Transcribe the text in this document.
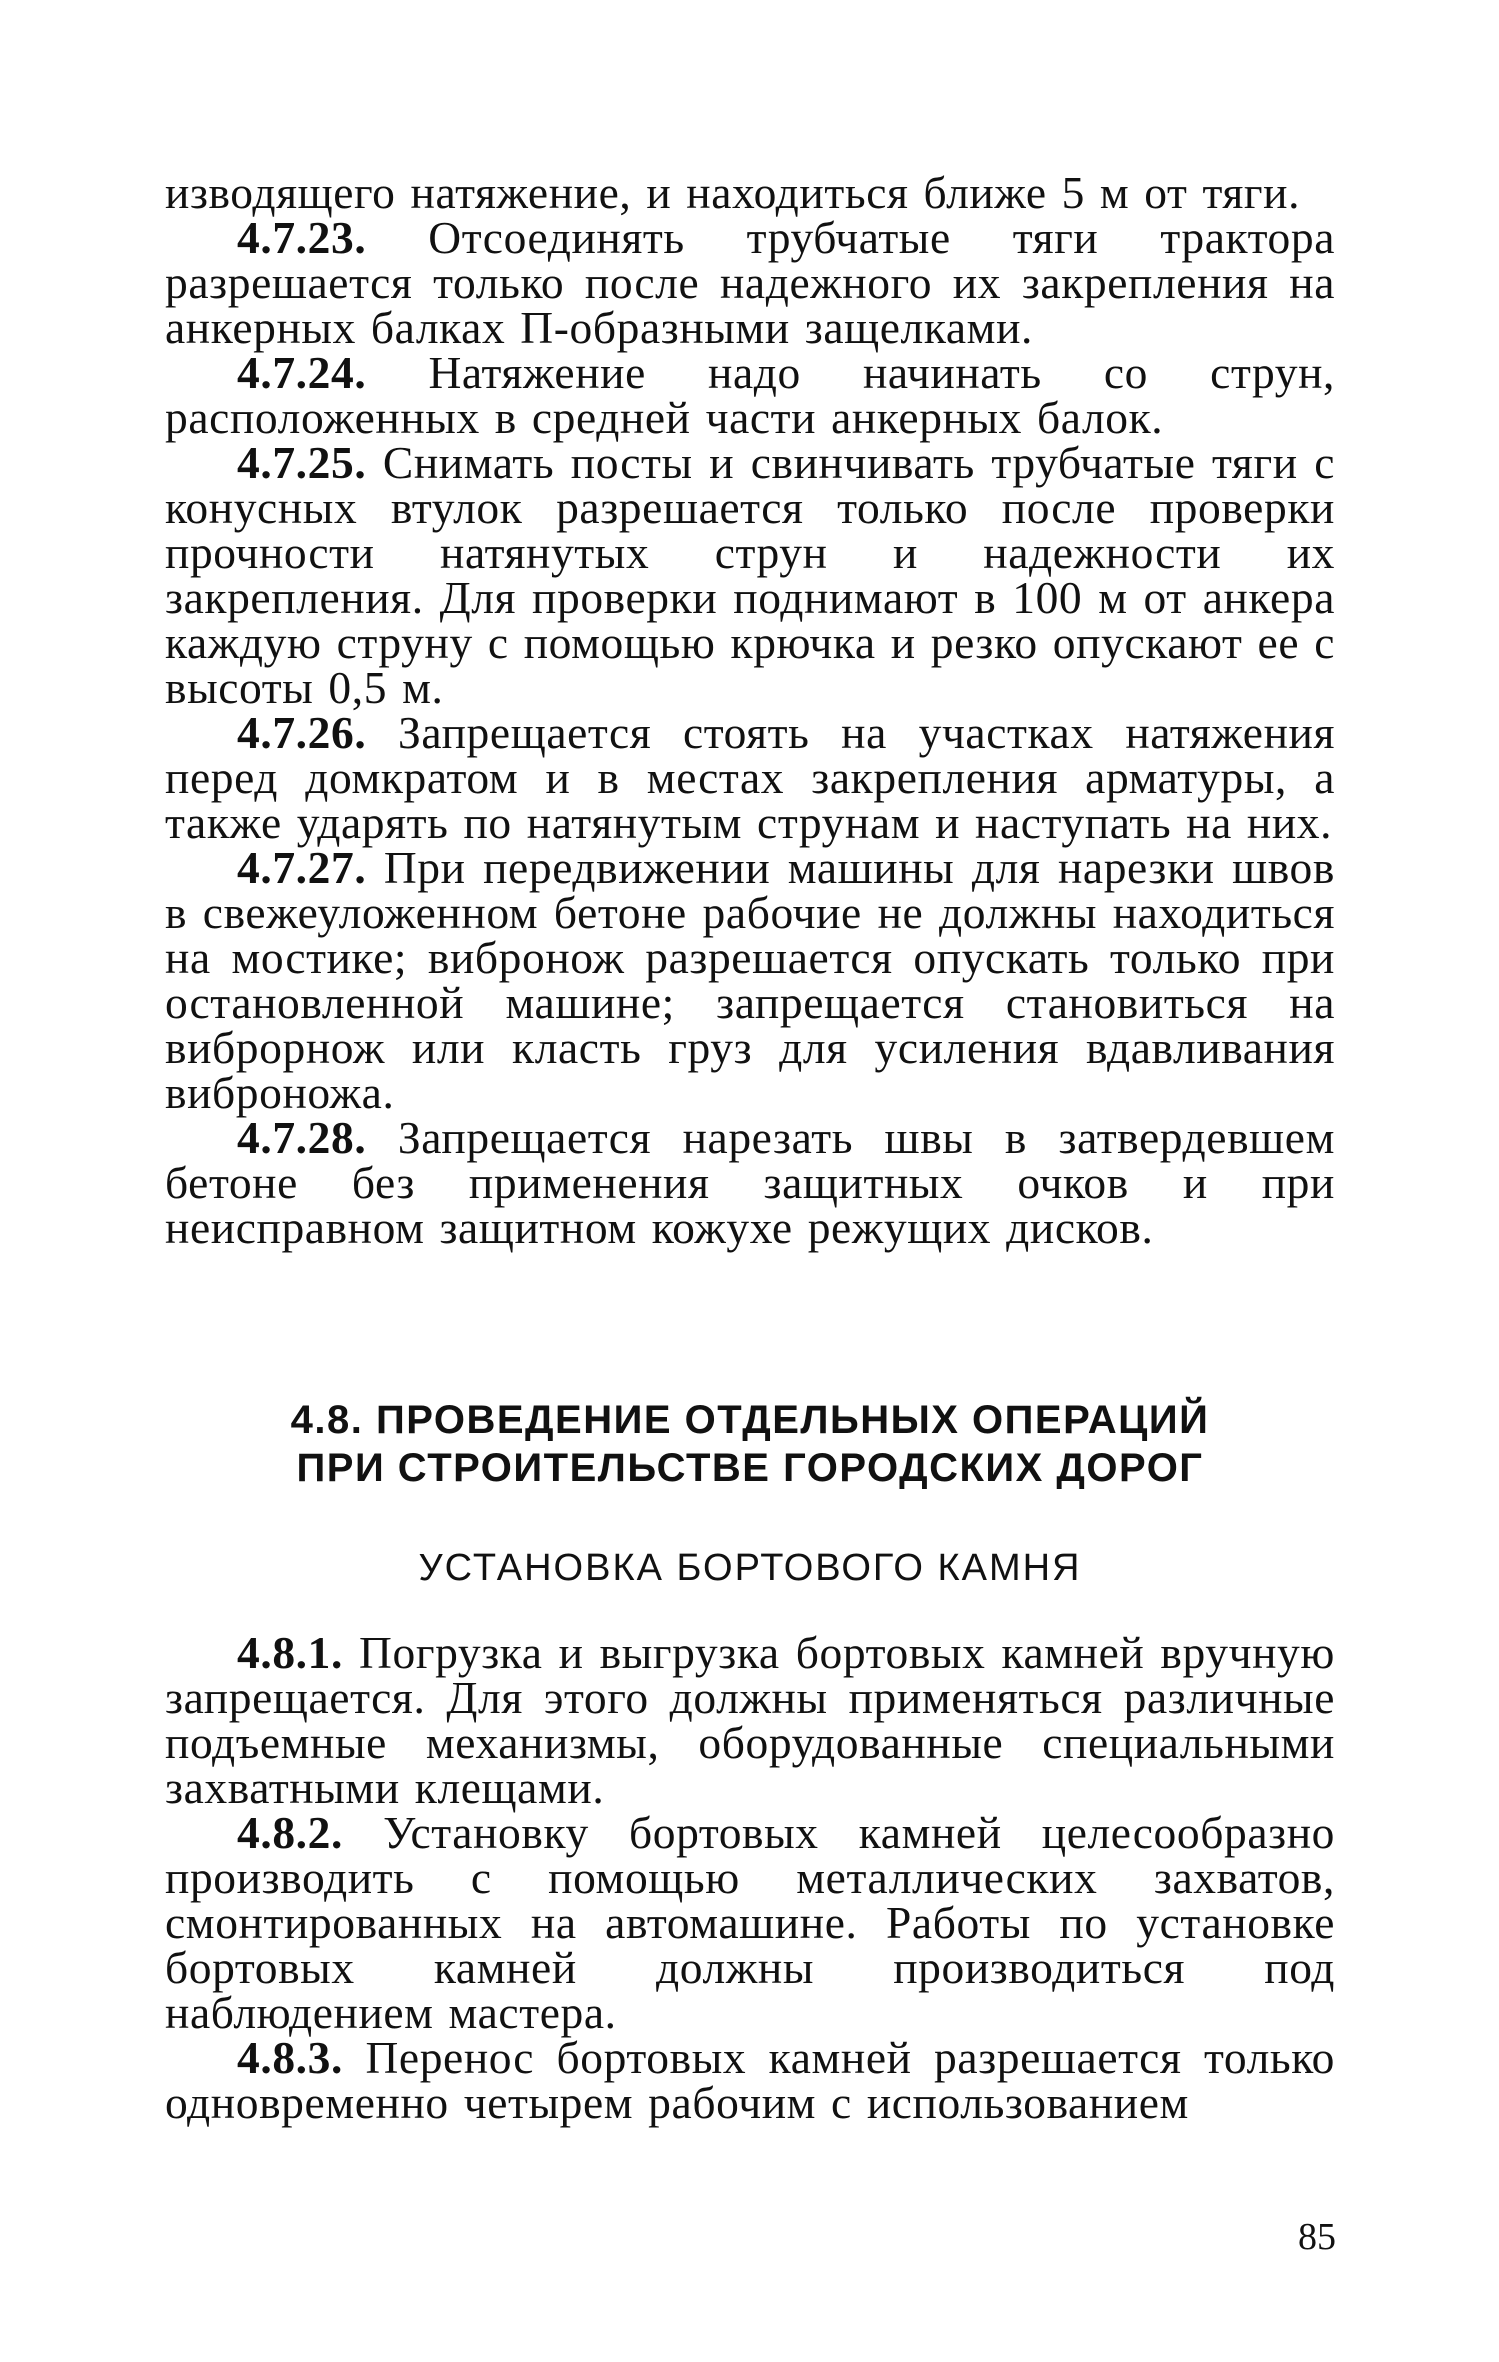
изводящего натяжение, и находиться ближе 5 м от тяги.

4.7.23. Отсоединять трубчатые тяги трактора разрешается только после надежного их закрепления на анкерных балках П-образными защелками.

4.7.24. Натяжение надо начинать со струн, расположенных в средней части анкерных балок.

4.7.25. Снимать посты и свинчивать трубчатые тяги с конусных втулок разрешается только после проверки прочности натянутых струн и надежности их закрепления. Для проверки поднимают в 100 м от анкера каждую струну с помощью крючка и резко опускают ее с высоты 0,5 м.

4.7.26. Запрещается стоять на участках натяжения перед домкратом и в местах закрепления арматуры, а также ударять по натянутым струнам и наступать на них.

4.7.27. При передвижении машины для нарезки швов в свежеуложенном бетоне рабочие не должны находиться на мостике; вибронож разрешается опускать только при остановленной машине; запрещается становиться на виброрнож или класть груз для усиления вдавливания виброножа.

4.7.28. Запрещается нарезать швы в затвердевшем бетоне без применения защитных очков и при неисправном защитном кожухе режущих дисков.

4.8. ПРОВЕДЕНИЕ ОТДЕЛЬНЫХ ОПЕРАЦИЙ
ПРИ СТРОИТЕЛЬСТВЕ ГОРОДСКИХ ДОРОГ
УСТАНОВКА БОРТОВОГО КАМНЯ

4.8.1. Погрузка и выгрузка бортовых камней вручную запрещается. Для этого должны применяться различные подъемные механизмы, оборудованные специальными захватными клещами.

4.8.2. Установку бортовых камней целесообразно производить с помощью металлических захватов, смонтированных на автомашине. Работы по установке бортовых камней должны производиться под наблюдением мастера.

4.8.3. Перенос бортовых камней разрешается только одновременно четырем рабочим с использованием

85
